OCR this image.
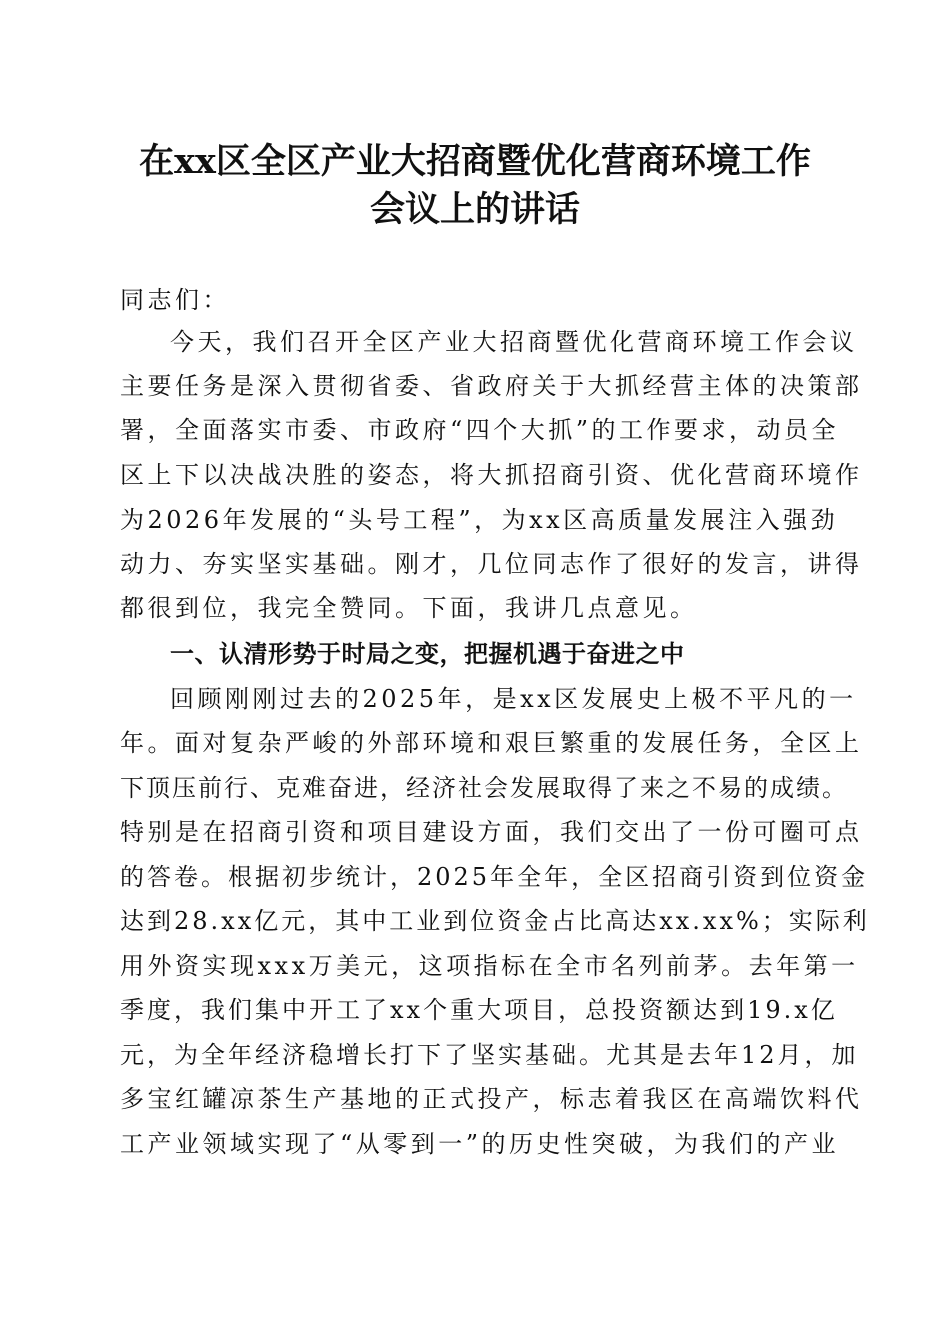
在xx区全区产业大招商暨优化营商环境工作
会议上的讲话
同志们：
今天，我们召开全区产业大招商暨优化营商环境工作会议
主要任务是深入贯彻省委、省政府关于大抓经营主体的决策部
署，全面落实市委、市政府“四个大抓”的工作要求，动员全
区上下以决战决胜的姿态，将大抓招商引资、优化营商环境作
为2026年发展的“头号工程”，为xx区高质量发展注入强劲
动力、夯实坚实基础。刚才，几位同志作了很好的发言，讲得
都很到位，我完全赞同。下面，我讲几点意见。
一、认清形势于时局之变，把握机遇于奋进之中
回顾刚刚过去的2025年，是xx区发展史上极不平凡的一
年。面对复杂严峻的外部环境和艰巨繁重的发展任务，全区上
下顶压前行、克难奋进，经济社会发展取得了来之不易的成绩。
特别是在招商引资和项目建设方面，我们交出了一份可圈可点
的答卷。根据初步统计，2025年全年，全区招商引资到位资金
达到28.xx亿元，其中工业到位资金占比高达xx.xx%；实际利
用外资实现xxx万美元，这项指标在全市名列前茅。去年第一
季度，我们集中开工了xx个重大项目，总投资额达到19.x亿
元，为全年经济稳增长打下了坚实基础。尤其是去年12月，加
多宝红罐凉茶生产基地的正式投产，标志着我区在高端饮料代
工产业领域实现了“从零到一”的历史性突破，为我们的产业
